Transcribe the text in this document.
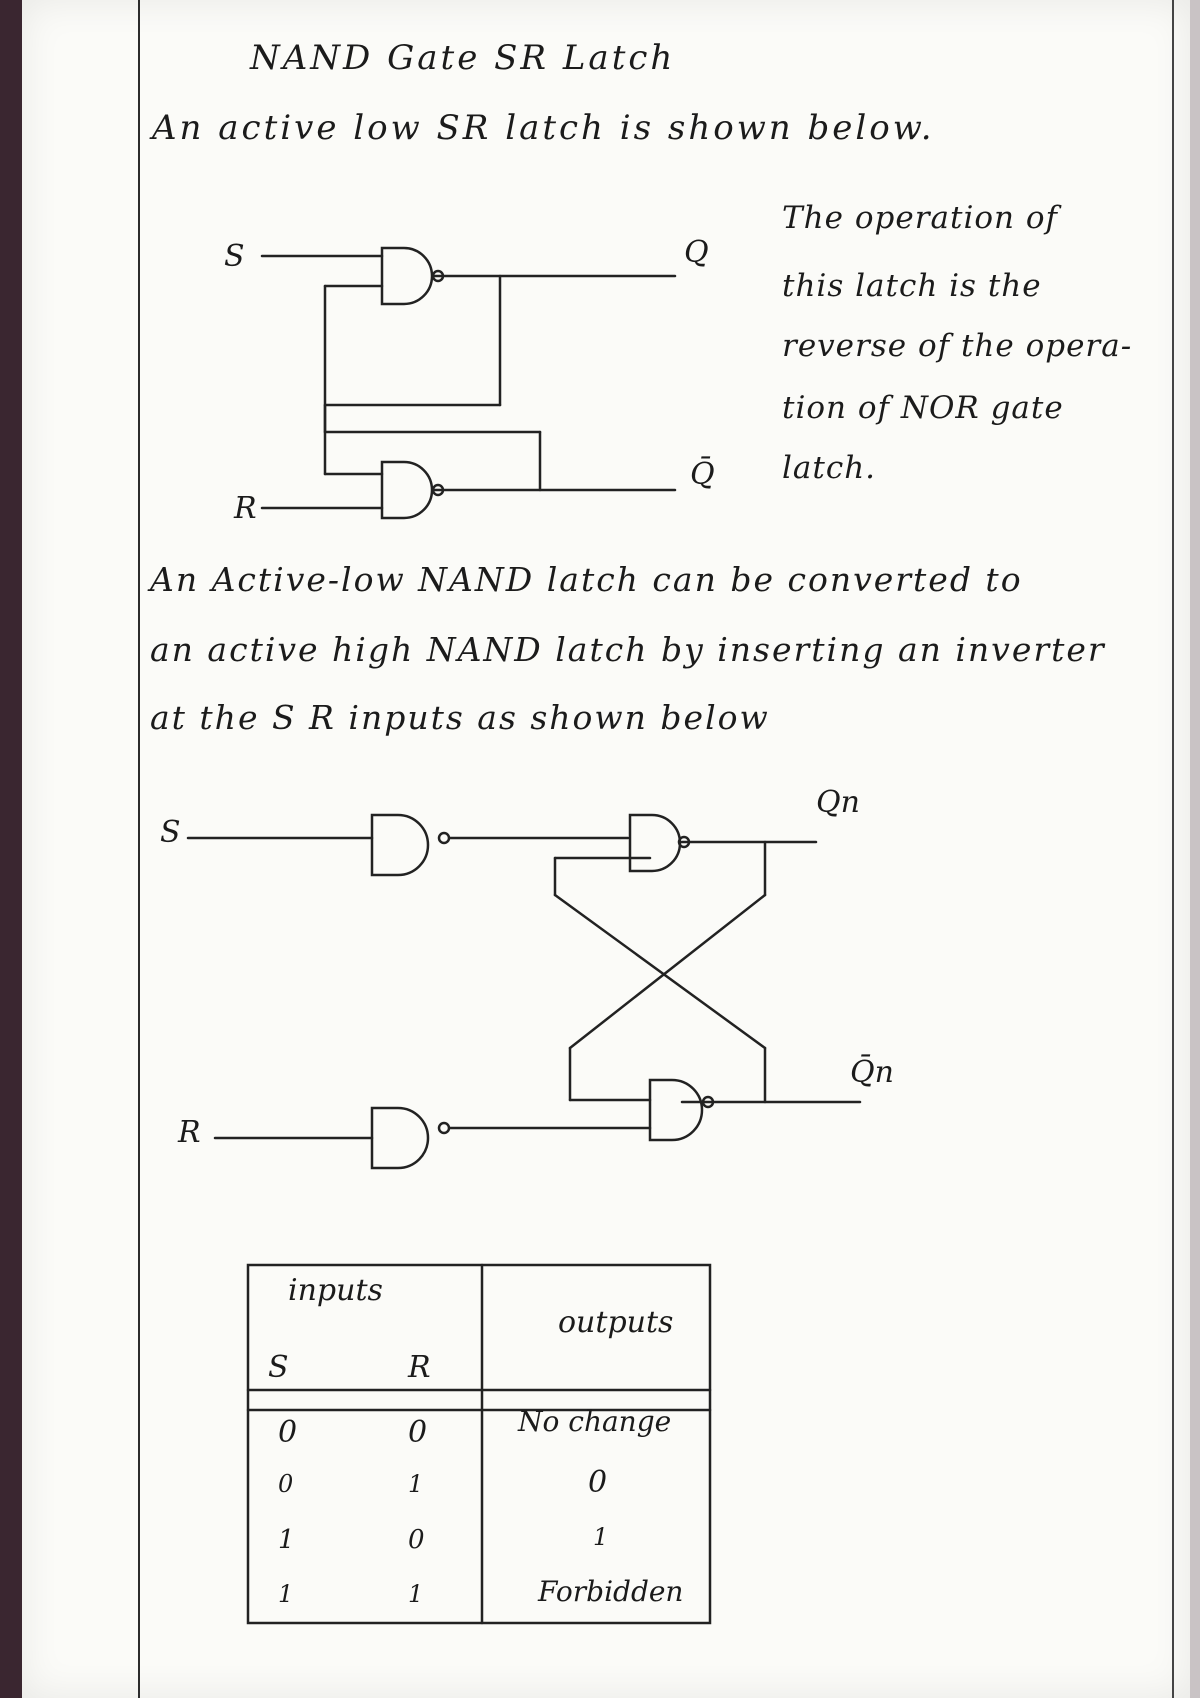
NAND Gate SR Latch
An active low SR latch is shown below.
The operation of
this latch is the
reverse of the opera-
tion of NOR gate
latch.
An Active-low NAND latch can be converted to
an active high NAND latch by inserting an inverter
at the S R inputs as shown below
S
R
Q
Q̄
S
R
Qn
Q̄n
inputs
outputs
S	R
0	0	No change
0	1	0
1	0	1
1	1	Forbidden
